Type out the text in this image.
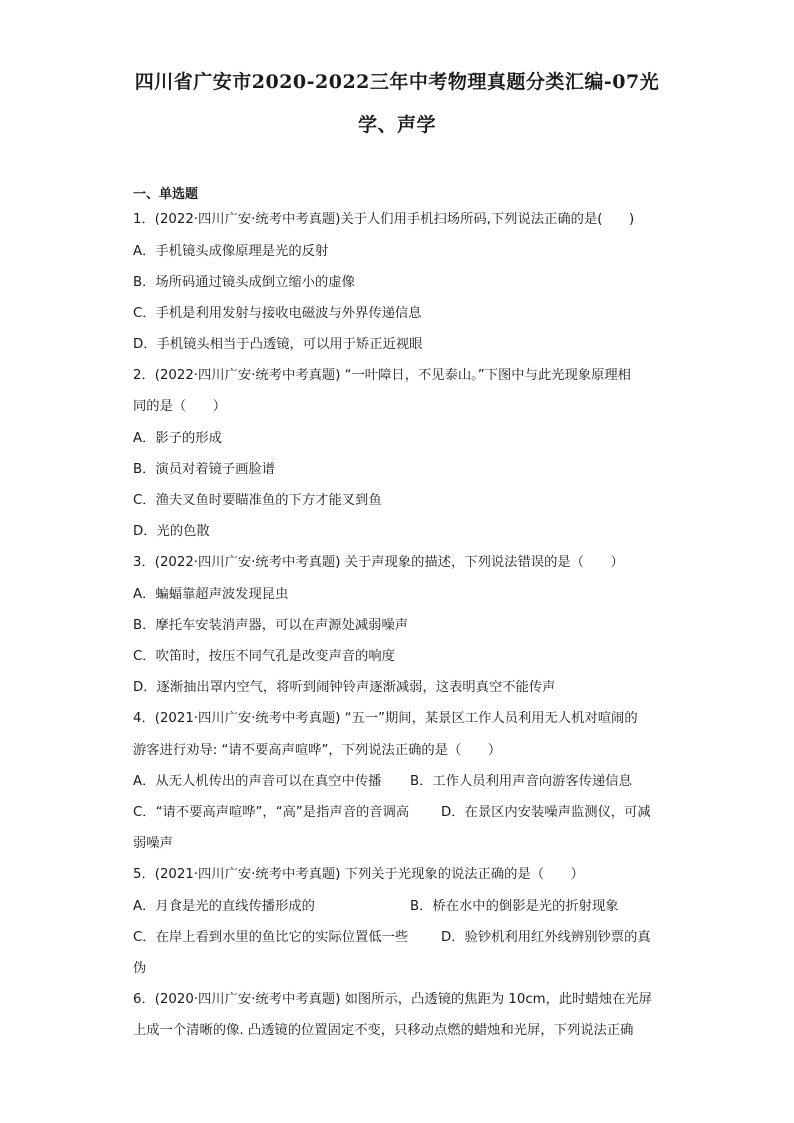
四川省广安市2020-2022三年中考物理真题分类汇编-07光
学、声学
一、单选题
1．(2022·四川广安·统考中考真题)关于人们用手机扫场所码,下列说法正确的是(　　)
A．手机镜头成像原理是光的反射
B．场所码通过镜头成倒立缩小的虚像
C．手机是利用发射与接收电磁波与外界传递信息
D．手机镜头相当于凸透镜，可以用于矫正近视眼
2．(2022·四川广安·统考中考真题) “一叶障日，不见泰山。”下图中与此光现象原理相
同的是（　　）
A．影子的形成
B．演员对着镜子画脸谱
C．渔夫叉鱼时要瞄准鱼的下方才能叉到鱼
D．光的色散
3．(2022·四川广安·统考中考真题) 关于声现象的描述，下列说法错误的是（　　）
A．蝙蝠靠超声波发现昆虫
B．摩托车安装消声器，可以在声源处减弱噪声
C．吹笛时，按压不同气孔是改变声音的响度
D．逐渐抽出罩内空气，将听到闹钟铃声逐渐减弱，这表明真空不能传声
4．(2021·四川广安·统考中考真题) “五一”期间，某景区工作人员利用无人机对喧闹的
游客进行劝导: “请不要高声喧哗”，下列说法正确的是（　　）
A．从无人机传出的声音可以在真空中传播 B．工作人员利用声音向游客传递信息
C．“请不要高声喧哗”，“高”是指声音的音调高 D．在景区内安装噪声监测仪，可减
弱噪声
5．(2021·四川广安·统考中考真题) 下列关于光现象的说法正确的是（　　）
A．月食是光的直线传播形成的	B．桥在水中的倒影是光的折射现象
C．在岸上看到水里的鱼比它的实际位置低一些 D．验钞机利用红外线辨别钞票的真
伪
6．(2020·四川广安·统考中考真题) 如图所示，凸透镜的焦距为 10cm，此时蜡烛在光屏
上成一个清晰的像. 凸透镜的位置固定不变，只移动点燃的蜡烛和光屏，下列说法正确
